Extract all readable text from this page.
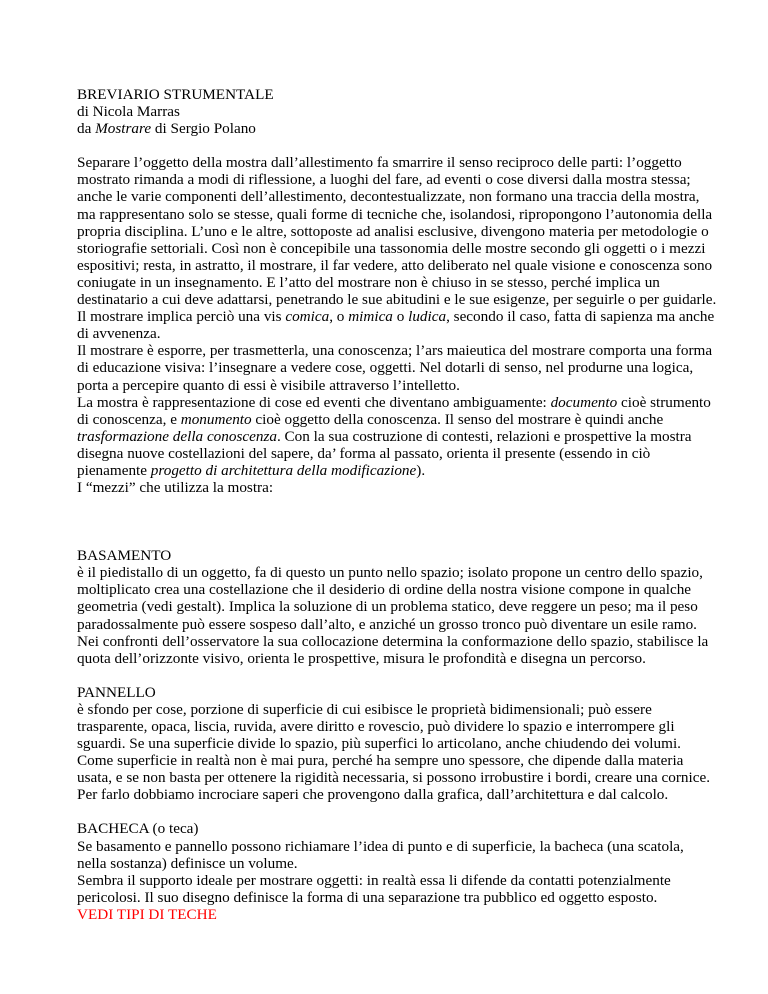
BREVIARIO STRUMENTALE

di Nicola Marras

da Mostrare di Sergio Polano

Separare l’oggetto della mostra dall’allestimento fa smarrire il senso reciproco delle parti: l’oggetto mostrato rimanda a modi di riflessione, a luoghi del fare, ad eventi o cose diversi dalla mostra stessa; anche le varie componenti dell’allestimento, decontestualizzate, non formano una traccia della mostra, ma rappresentano solo se stesse, quali forme di tecniche che, isolandosi, ripropongono l’autonomia della propria disciplina. L’uno e le altre, sottoposte ad analisi esclusive, divengono materia per metodologie o storiografie settoriali. Così non è concepibile una tassonomia delle mostre secondo gli oggetti o i mezzi espositivi; resta, in astratto, il mostrare, il far vedere, atto deliberato nel quale visione e conoscenza sono coniugate in un insegnamento. E l’atto del mostrare non è chiuso in se stesso, perché implica un destinatario a cui deve adattarsi, penetrando le sue abitudini e le sue esigenze, per seguirle o per guidarle. Il mostrare implica perciò una vis comica, o mimica o ludica, secondo il caso, fatta di sapienza ma anche di avvenenza.

Il mostrare è esporre, per trasmetterla, una conoscenza; l’ars maieutica del mostrare comporta una forma di educazione visiva: l’insegnare a vedere cose, oggetti. Nel dotarli di senso, nel produrne una logica, porta a percepire quanto di essi è visibile attraverso l’intelletto.

La mostra è rappresentazione di cose ed eventi che diventano ambiguamente: documento cioè strumento di conoscenza, e monumento cioè oggetto della conoscenza. Il senso del mostrare è quindi anche trasformazione della conoscenza. Con la sua costruzione di contesti, relazioni e prospettive la mostra disegna nuove costellazioni del sapere, da’ forma al passato, orienta il presente (essendo in ciò pienamente progetto di architettura della modificazione).

I “mezzi” che utilizza la mostra:

BASAMENTO

è il piedistallo di un oggetto, fa di questo un punto nello spazio; isolato propone un centro dello spazio, moltiplicato crea una costellazione che il desiderio di ordine della nostra visione compone in qualche geometria (vedi gestalt). Implica la soluzione di un problema statico, deve reggere un peso; ma il peso paradossalmente può essere sospeso dall’alto, e anziché un grosso tronco può diventare un esile ramo.

Nei confronti dell’osservatore la sua collocazione determina la conformazione dello spazio, stabilisce la quota dell’orizzonte visivo, orienta le prospettive, misura le profondità e disegna un percorso.

PANNELLO

è sfondo per cose, porzione di superficie di cui esibisce le proprietà bidimensionali; può essere trasparente, opaca, liscia, ruvida, avere diritto e rovescio, può dividere lo spazio e interrompere gli sguardi. Se una superficie divide lo spazio, più superfici lo articolano, anche chiudendo dei volumi. Come superficie in realtà non è mai pura, perché ha sempre uno spessore, che dipende dalla materia usata, e se non basta per ottenere la rigidità necessaria, si possono irrobustire i bordi, creare una cornice.

Per farlo dobbiamo incrociare saperi che provengono dalla grafica, dall’architettura e dal calcolo.

BACHECA (o teca)

Se basamento e pannello possono richiamare l’idea di punto e di superficie, la bacheca (una scatola, nella sostanza) definisce un volume.

Sembra il supporto ideale per mostrare oggetti: in realtà essa li difende da contatti potenzialmente pericolosi. Il suo disegno definisce la forma di una separazione tra pubblico ed oggetto esposto.

VEDI TIPI DI TECHE
